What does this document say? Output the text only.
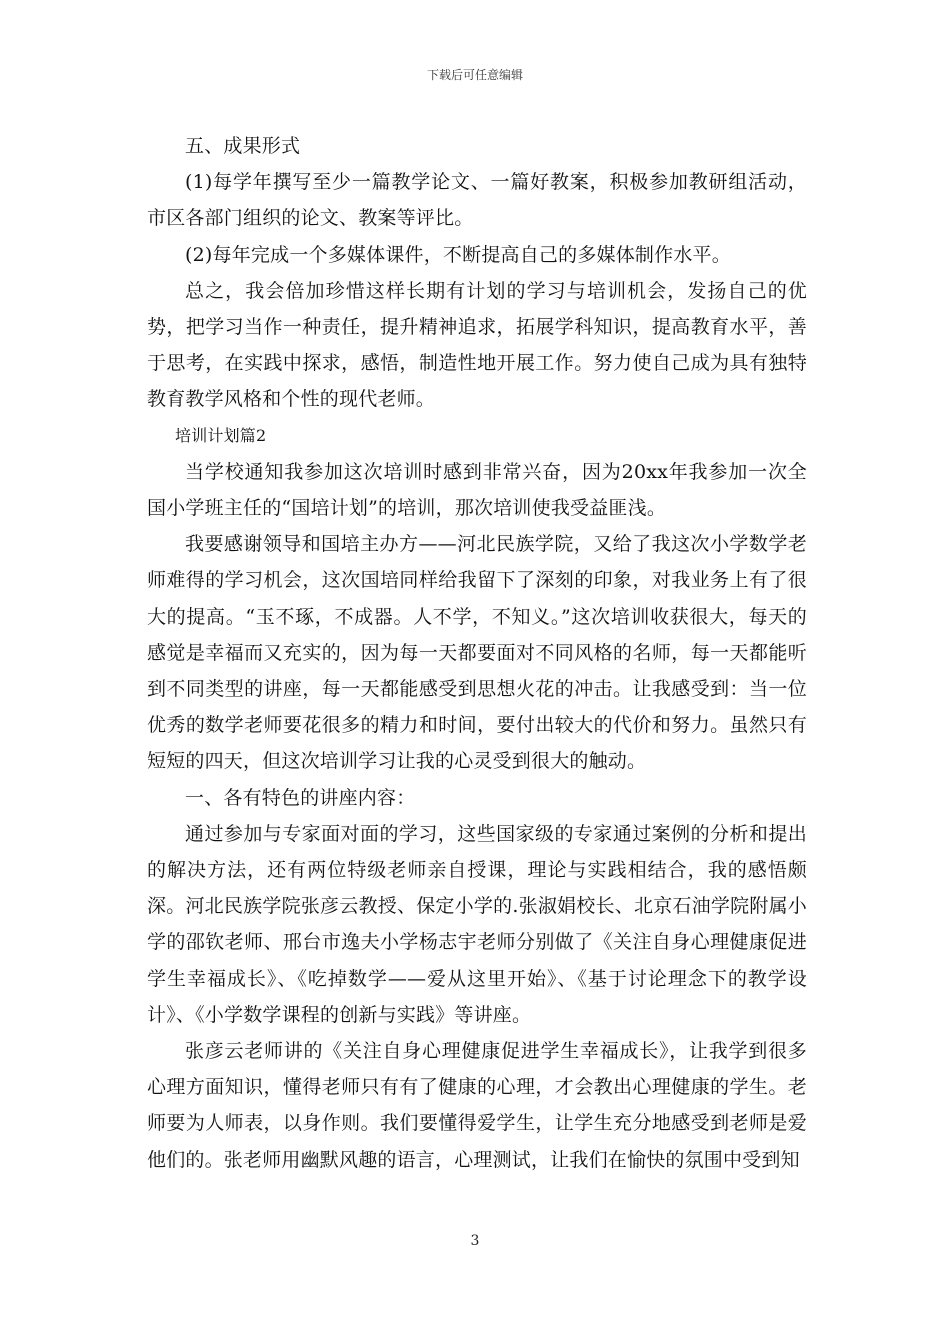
下载后可任意编辑

五、成果形式

(1)每学年撰写至少一篇教学论文、一篇好教案，积极参加教研组活动，市区各部门组织的论文、教案等评比。

(2)每年完成一个多媒体课件，不断提高自己的多媒体制作水平。

总之，我会倍加珍惜这样长期有计划的学习与培训机会，发扬自己的优势，把学习当作一种责任，提升精神追求，拓展学科知识，提高教育水平，善于思考，在实践中探求，感悟，制造性地开展工作。努力使自己成为具有独特教育教学风格和个性的现代老师。

培训计划篇2

当学校通知我参加这次培训时感到非常兴奋，因为20xx年我参加一次全国小学班主任的“国培计划”的培训，那次培训使我受益匪浅。

我要感谢领导和国培主办方——河北民族学院，又给了我这次小学数学老师难得的学习机会，这次国培同样给我留下了深刻的印象，对我业务上有了很大的提高。“玉不琢，不成器。人不学，不知义。”这次培训收获很大，每天的感觉是幸福而又充实的，因为每一天都要面对不同风格的名师，每一天都能听到不同类型的讲座，每一天都能感受到思想火花的冲击。让我感受到：当一位优秀的数学老师要花很多的精力和时间，要付出较大的代价和努力。虽然只有短短的四天，但这次培训学习让我的心灵受到很大的触动。

一、各有特色的讲座内容：

通过参加与专家面对面的学习，这些国家级的专家通过案例的分析和提出的解决方法，还有两位特级老师亲自授课，理论与实践相结合，我的感悟颇深。河北民族学院张彦云教授、保定小学的.张淑娟校长、北京石油学院附属小学的邵钦老师、邢台市逸夫小学杨志宇老师分别做了《关注自身心理健康促进学生幸福成长》、《吃掉数学——爱从这里开始》、《基于讨论理念下的教学设计》、《小学数学课程的创新与实践》等讲座。

张彦云老师讲的《关注自身心理健康促进学生幸福成长》，让我学到很多心理方面知识，懂得老师只有有了健康的心理，才会教出心理健康的学生。老师要为人师表，以身作则。我们要懂得爱学生，让学生充分地感受到老师是爱他们的。张老师用幽默风趣的语言，心理测试，让我们在愉快的氛围中受到知

3
